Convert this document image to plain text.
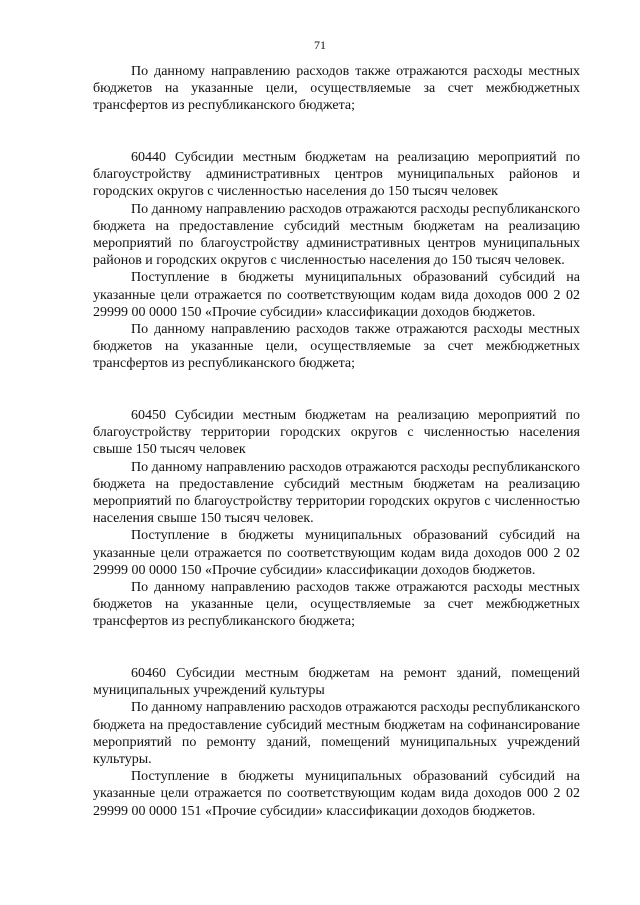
71

По данному направлению расходов также отражаются расходы местных бюджетов на указанные цели, осуществляемые за счет межбюджетных трансфертов из республиканского бюджета;

60440 Субсидии местным бюджетам на реализацию мероприятий по благоустройству административных центров муниципальных районов и городских округов с численностью населения до 150 тысяч человек

По данному направлению расходов отражаются расходы республиканского бюджета на предоставление субсидий местным бюджетам на реализацию мероприятий по благоустройству административных центров муниципальных районов и городских округов с численностью населения до 150 тысяч человек.

Поступление в бюджеты муниципальных образований субсидий на указанные цели отражается по соответствующим кодам вида доходов 000 2 02 29999 00 0000 150 «Прочие субсидии» классификации доходов бюджетов.

По данному направлению расходов также отражаются расходы местных бюджетов на указанные цели, осуществляемые за счет межбюджетных трансфертов из республиканского бюджета;

60450 Субсидии местным бюджетам на реализацию мероприятий по благоустройству территории городских округов с численностью населения свыше 150 тысяч человек

По данному направлению расходов отражаются расходы республиканского бюджета на предоставление субсидий местным бюджетам на реализацию мероприятий по благоустройству территории городских округов с численностью населения свыше 150 тысяч человек.

Поступление в бюджеты муниципальных образований субсидий на указанные цели отражается по соответствующим кодам вида доходов 000 2 02 29999 00 0000 150 «Прочие субсидии» классификации доходов бюджетов.

По данному направлению расходов также отражаются расходы местных бюджетов на указанные цели, осуществляемые за счет межбюджетных трансфертов из республиканского бюджета;

60460 Субсидии местным бюджетам на ремонт зданий, помещений муниципальных учреждений культуры

По данному направлению расходов отражаются расходы республиканского бюджета на предоставление субсидий местным бюджетам на софинансирование мероприятий по ремонту зданий, помещений муниципальных учреждений культуры.

Поступление в бюджеты муниципальных образований субсидий на указанные цели отражается по соответствующим кодам вида доходов 000 2 02 29999 00 0000 151 «Прочие субсидии» классификации доходов бюджетов.
